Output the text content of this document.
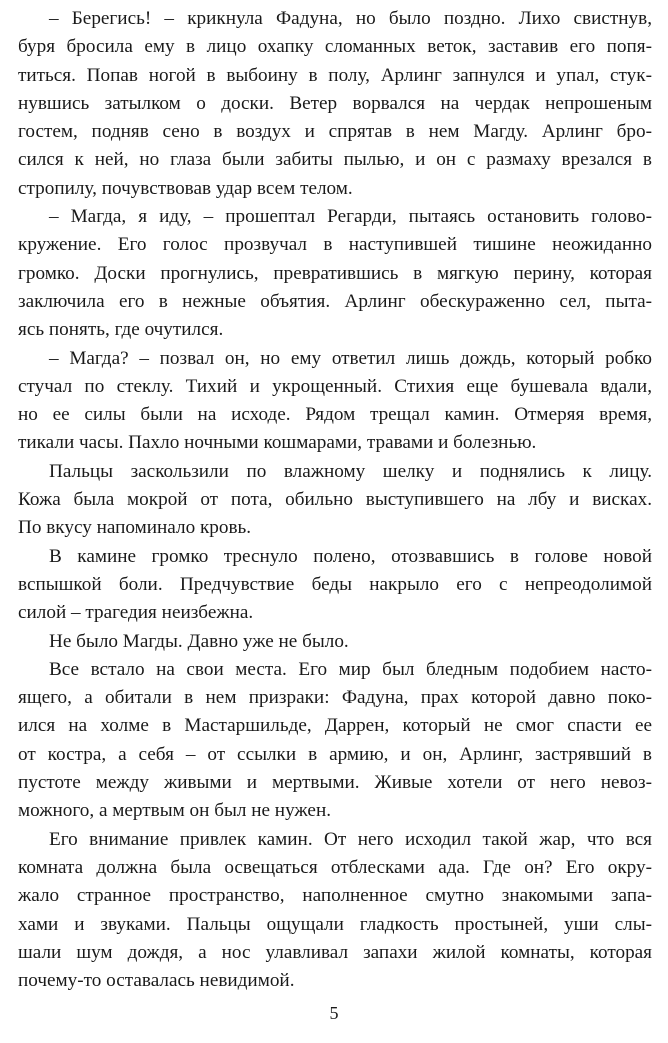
– Берегись! – крикнула Фадуна, но было поздно. Лихо свистнув,
буря бросила ему в лицо охапку сломанных веток, заставив его попя-
титься. Попав ногой в выбоину в полу, Арлинг запнулся и упал, стук-
нувшись затылком о доски. Ветер ворвался на чердак непрошеным
гостем, подняв сено в воздух и спрятав в нем Магду. Арлинг бро-
сился к ней, но глаза были забиты пылью, и он с размаху врезался в
стропилу, почувствовав удар всем телом.
– Магда, я иду, – прошептал Регарди, пытаясь остановить голово-
кружение. Его голос прозвучал в наступившей тишине неожиданно
громко. Доски прогнулись, превратившись в мягкую перину, которая
заключила его в нежные объятия. Арлинг обескураженно сел, пыта-
ясь понять, где очутился.
– Магда? – позвал он, но ему ответил лишь дождь, который робко
стучал по стеклу. Тихий и укрощенный. Стихия еще бушевала вдали,
но ее силы были на исходе. Рядом трещал камин. Отмеряя время,
тикали часы. Пахло ночными кошмарами, травами и болезнью.
Пальцы заскользили по влажному шелку и поднялись к лицу.
Кожа была мокрой от пота, обильно выступившего на лбу и висках.
По вкусу напоминало кровь.
В камине громко треснуло полено, отозвавшись в голове новой
вспышкой боли. Предчувствие беды накрыло его с непреодолимой
силой – трагедия неизбежна.
Не было Магды. Давно уже не было.
Все встало на свои места. Его мир был бледным подобием насто-
ящего, а обитали в нем призраки: Фадуна, прах которой давно поко-
ился на холме в Мастаршильде, Даррен, который не смог спасти ее
от костра, а себя – от ссылки в армию, и он, Арлинг, застрявший в
пустоте между живыми и мертвыми. Живые хотели от него невоз-
можного, а мертвым он был не нужен.
Его внимание привлек камин. От него исходил такой жар, что вся
комната должна была освещаться отблесками ада. Где он? Его окру-
жало странное пространство, наполненное смутно знакомыми запа-
хами и звуками. Пальцы ощущали гладкость простыней, уши слы-
шали шум дождя, а нос улавливал запахи жилой комнаты, которая
почему-то оставалась невидимой.
5
